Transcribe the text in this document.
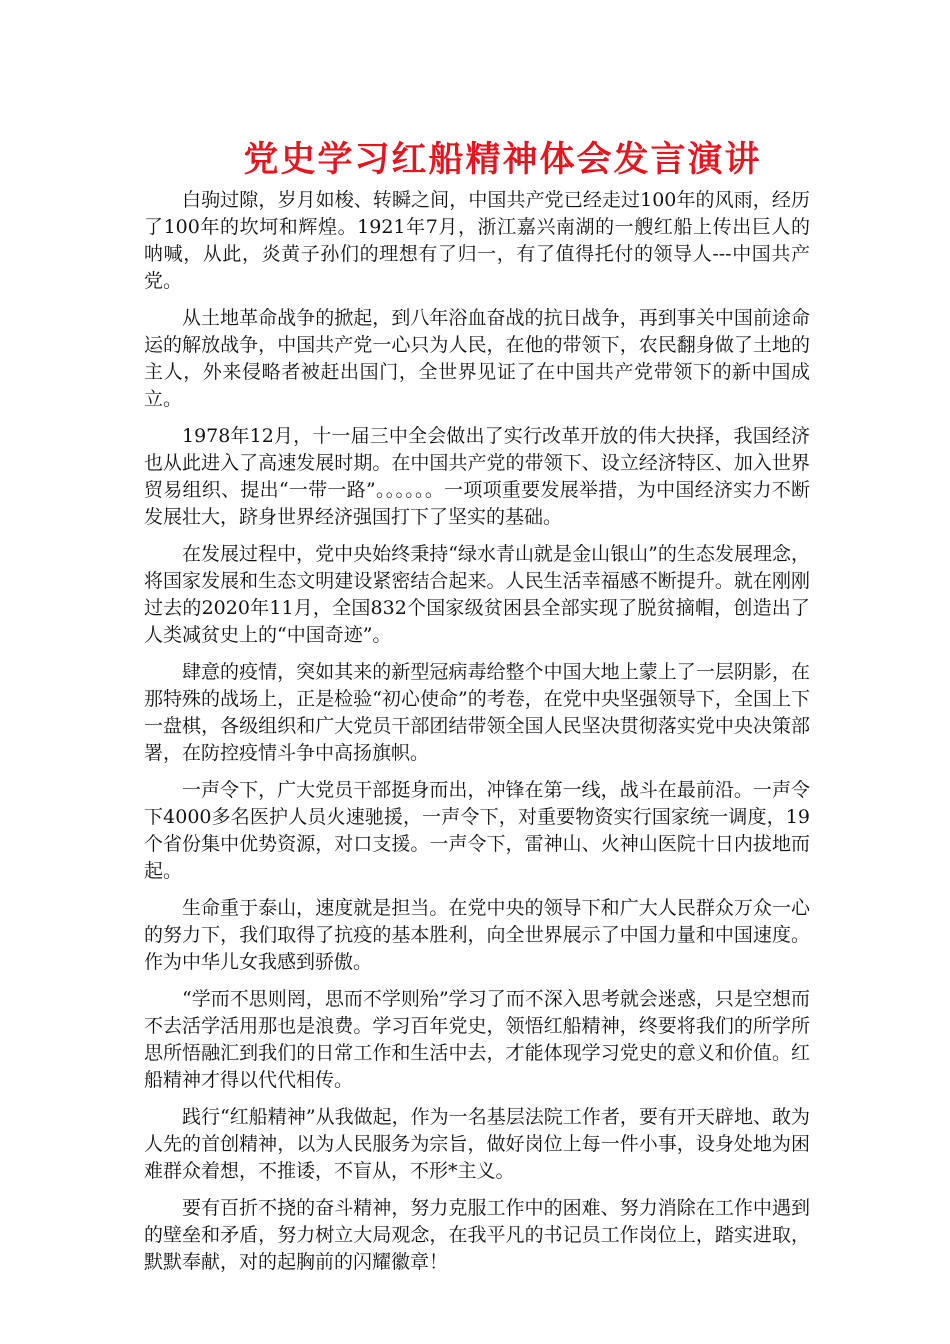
党史学习红船精神体会发言演讲

白驹过隙，岁月如梭、转瞬之间，中国共产党已经走过100年的风雨，经历了100年的坎坷和辉煌。1921年7月，浙江嘉兴南湖的一艘红船上传出巨人的呐喊，从此，炎黄子孙们的理想有了归一，有了值得托付的领导人---中国共产党。

从土地革命战争的掀起，到八年浴血奋战的抗日战争，再到事关中国前途命运的解放战争，中国共产党一心只为人民，在他的带领下，农民翻身做了土地的主人，外来侵略者被赶出国门，全世界见证了在中国共产党带领下的新中国成立。

1978年12月，十一届三中全会做出了实行改革开放的伟大抉择，我国经济也从此进入了高速发展时期。在中国共产党的带领下、设立经济特区、加入世界贸易组织、提出“一带一路”。。。。。。一项项重要发展举措，为中国经济实力不断发展壮大，跻身世界经济强国打下了坚实的基础。

在发展过程中，党中央始终秉持“绿水青山就是金山银山”的生态发展理念，将国家发展和生态文明建设紧密结合起来。人民生活幸福感不断提升。就在刚刚过去的2020年11月，全国832个国家级贫困县全部实现了脱贫摘帽，创造出了人类减贫史上的“中国奇迹”。

肆意的疫情，突如其来的新型冠病毒给整个中国大地上蒙上了一层阴影，在那特殊的战场上，正是检验“初心使命”的考卷，在党中央坚强领导下，全国上下一盘棋，各级组织和广大党员干部团结带领全国人民坚决贯彻落实党中央决策部署，在防控疫情斗争中高扬旗帜。

一声令下，广大党员干部挺身而出，冲锋在第一线，战斗在最前沿。一声令下4000多名医护人员火速驰援，一声令下，对重要物资实行国家统一调度，19个省份集中优势资源，对口支援。一声令下，雷神山、火神山医院十日内拔地而起。

生命重于泰山，速度就是担当。在党中央的领导下和广大人民群众万众一心的努力下，我们取得了抗疫的基本胜利，向全世界展示了中国力量和中国速度。作为中华儿女我感到骄傲。

“学而不思则罔，思而不学则殆”学习了而不深入思考就会迷惑，只是空想而不去活学活用那也是浪费。学习百年党史，领悟红船精神，终要将我们的所学所思所悟融汇到我们的日常工作和生活中去，才能体现学习党史的意义和价值。红船精神才得以代代相传。

践行“红船精神”从我做起，作为一名基层法院工作者，要有开天辟地、敢为人先的首创精神，以为人民服务为宗旨，做好岗位上每一件小事，设身处地为困难群众着想，不推诿，不盲从，不形*主义。

要有百折不挠的奋斗精神，努力克服工作中的困难、努力消除在工作中遇到的壁垒和矛盾，努力树立大局观念，在我平凡的书记员工作岗位上，踏实进取，默默奉献，对的起胸前的闪耀徽章！
